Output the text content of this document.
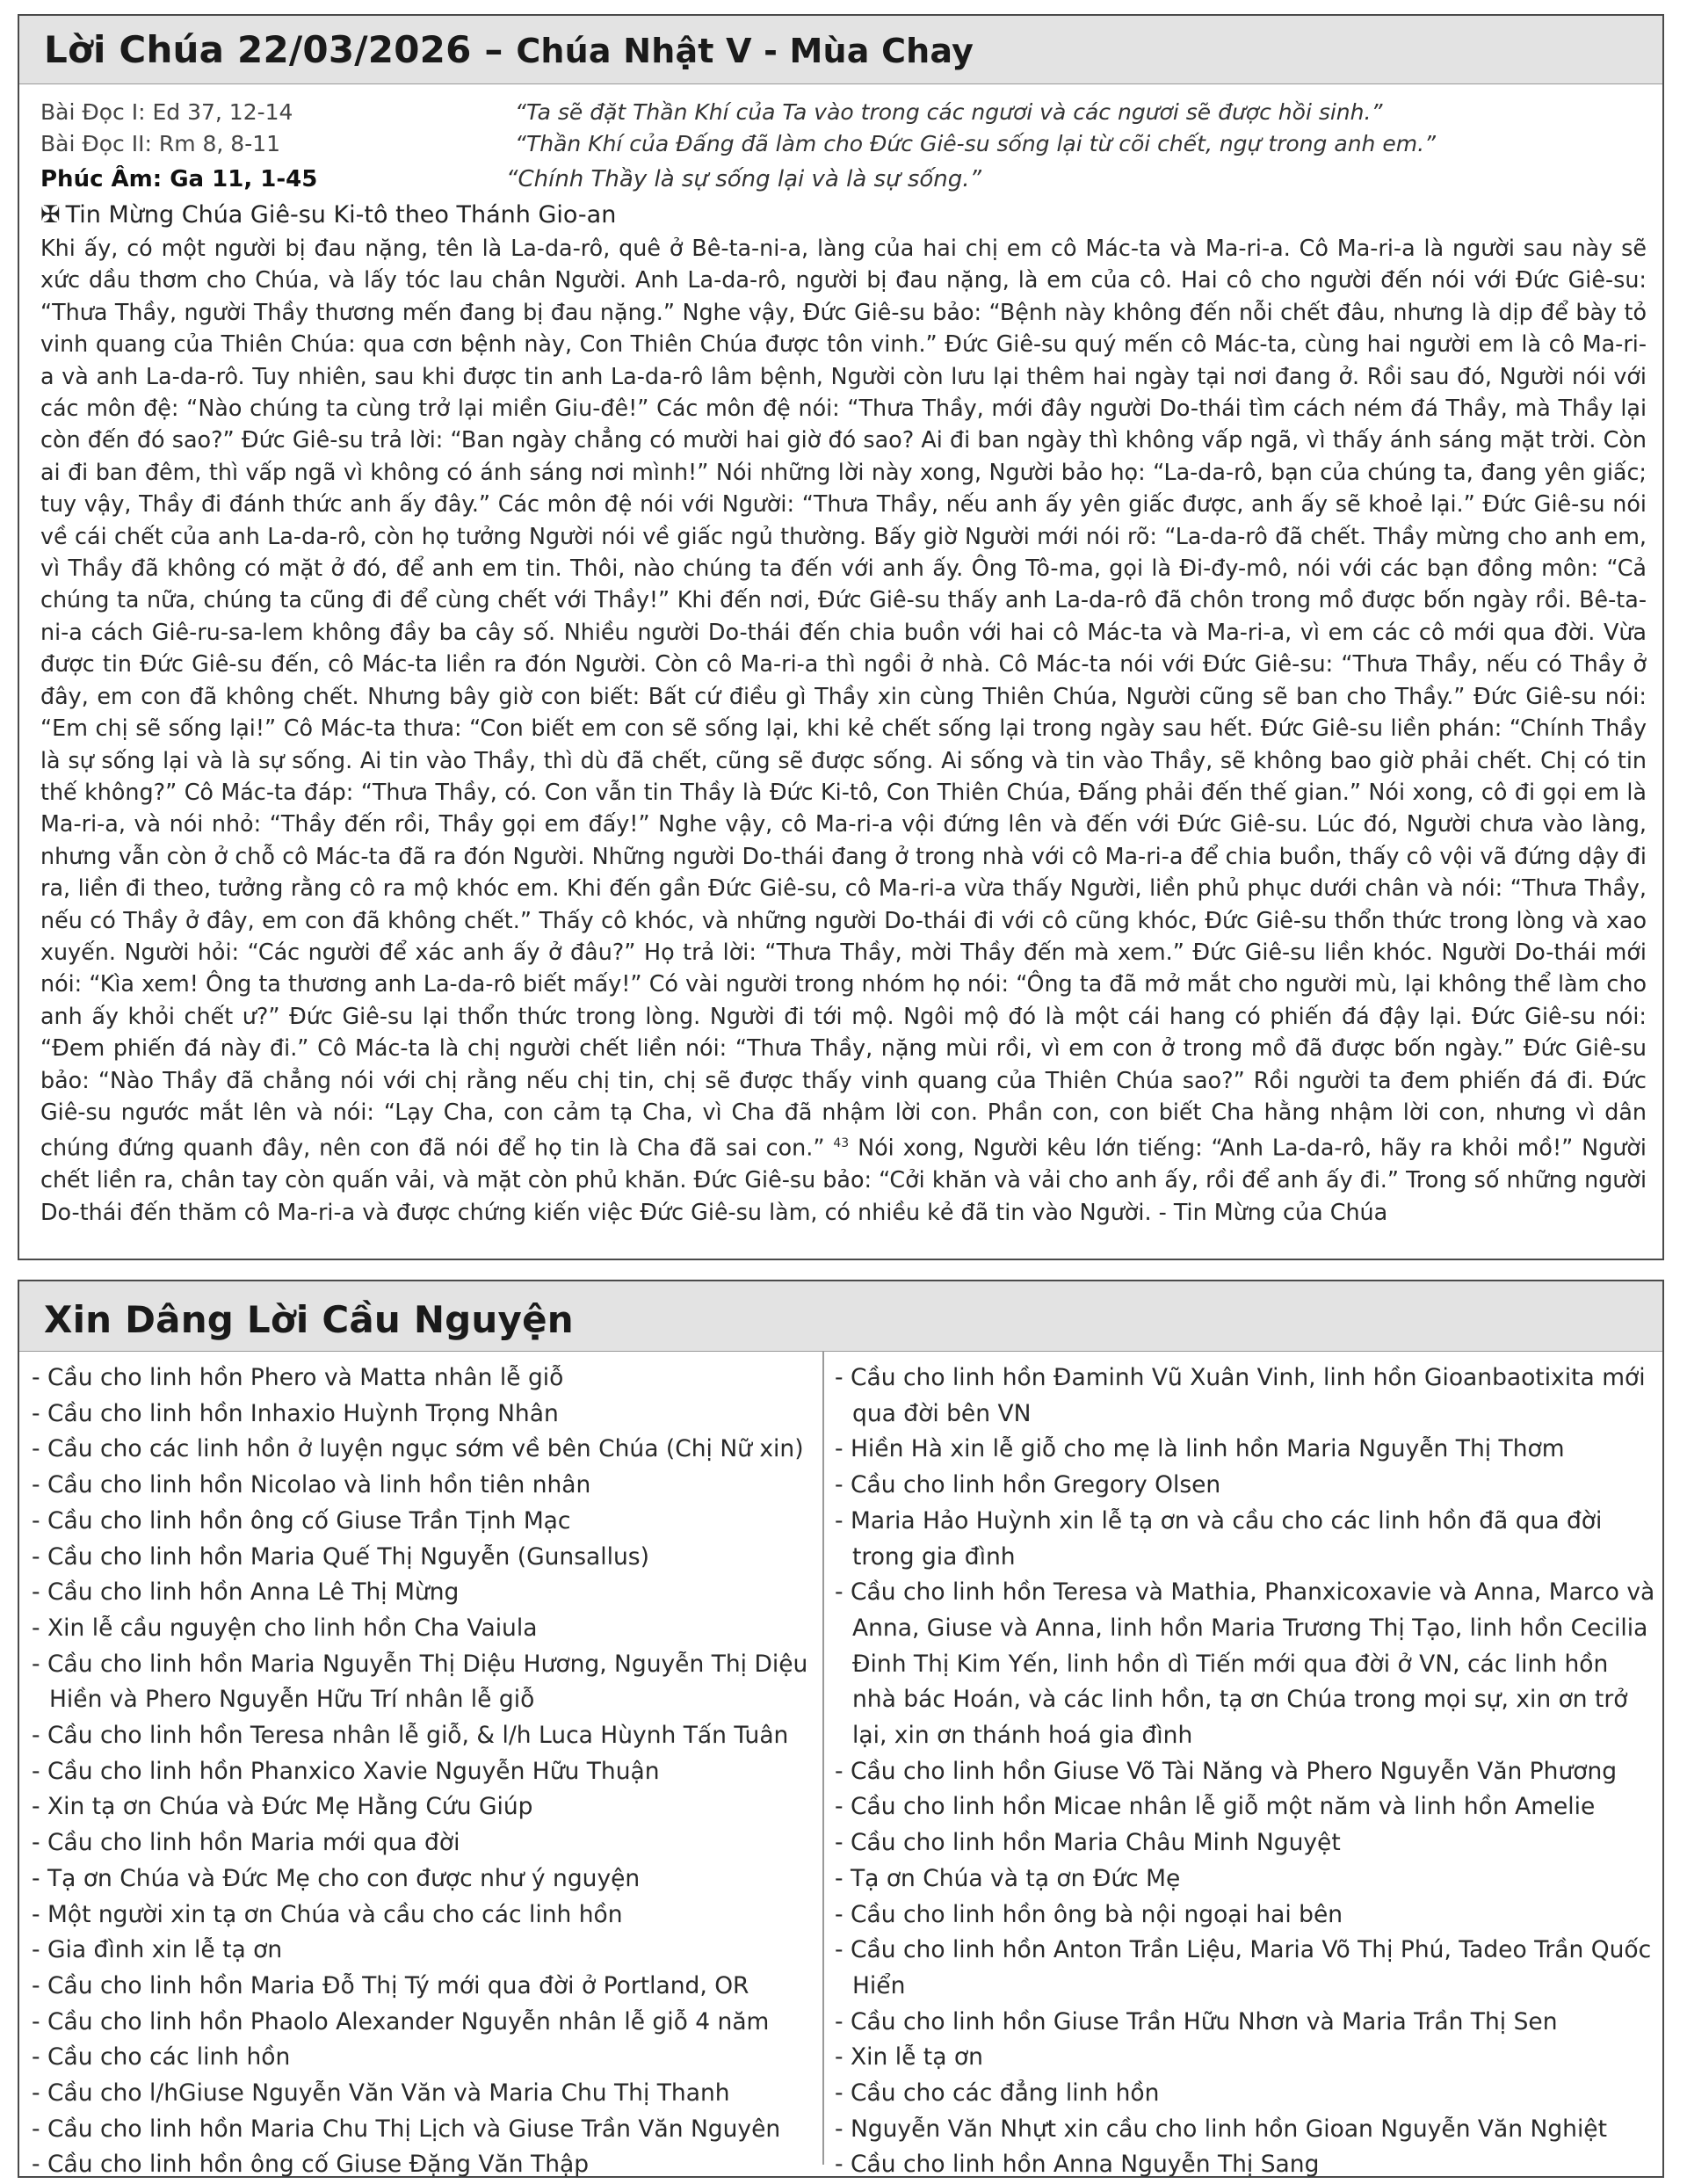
Lời Chúa 22/03/2026 – Chúa Nhật V - Mùa Chay
Bài Đọc I: Ed 37, 12-14	“Ta sẽ đặt Thần Khí của Ta vào trong các ngươi và các ngươi sẽ được hồi sinh.”
Bài Đọc II: Rm 8, 8-11	“Thần Khí của Đấng đã làm cho Đức Giê-su sống lại từ cõi chết, ngự trong anh em.”
Phúc Âm: Ga 11, 1-45	“Chính Thầy là sự sống lại và là sự sống.”
✠ Tin Mừng Chúa Giê-su Ki-tô theo Thánh Gio-an
Khi ấy, có một người bị đau nặng, tên là La-da-rô, quê ở Bê-ta-ni-a, làng của hai chị em cô Mác-ta và Ma-ri-a. Cô Ma-ri-a là người sau này sẽ xức dầu thơm cho Chúa, và lấy tóc lau chân Người. Anh La-da-rô, người bị đau nặng, là em của cô. Hai cô cho người đến nói với Đức Giê-su: “Thưa Thầy, người Thầy thương mến đang bị đau nặng.” Nghe vậy, Đức Giê-su bảo: “Bệnh này không đến nỗi chết đâu, nhưng là dịp để bày tỏ vinh quang của Thiên Chúa: qua cơn bệnh này, Con Thiên Chúa được tôn vinh.” Đức Giê-su quý mến cô Mác-ta, cùng hai người em là cô Ma-ri-a và anh La-da-rô. Tuy nhiên, sau khi được tin anh La-da-rô lâm bệnh, Người còn lưu lại thêm hai ngày tại nơi đang ở. Rồi sau đó, Người nói với các môn đệ: “Nào chúng ta cùng trở lại miền Giu-đê!” Các môn đệ nói: “Thưa Thầy, mới đây người Do-thái tìm cách ném đá Thầy, mà Thầy lại còn đến đó sao?” Đức Giê-su trả lời: “Ban ngày chẳng có mười hai giờ đó sao? Ai đi ban ngày thì không vấp ngã, vì thấy ánh sáng mặt trời. Còn ai đi ban đêm, thì vấp ngã vì không có ánh sáng nơi mình!” Nói những lời này xong, Người bảo họ: “La-da-rô, bạn của chúng ta, đang yên giấc; tuy vậy, Thầy đi đánh thức anh ấy đây.” Các môn đệ nói với Người: “Thưa Thầy, nếu anh ấy yên giấc được, anh ấy sẽ khoẻ lại.” Đức Giê-su nói về cái chết của anh La-da-rô, còn họ tưởng Người nói về giấc ngủ thường. Bấy giờ Người mới nói rõ: “La-da-rô đã chết. Thầy mừng cho anh em, vì Thầy đã không có mặt ở đó, để anh em tin. Thôi, nào chúng ta đến với anh ấy. Ông Tô-ma, gọi là Đi-đy-mô, nói với các bạn đồng môn: “Cả chúng ta nữa, chúng ta cũng đi để cùng chết với Thầy!” Khi đến nơi, Đức Giê-su thấy anh La-da-rô đã chôn trong mồ được bốn ngày rồi. Bê-ta-ni-a cách Giê-ru-sa-lem không đầy ba cây số. Nhiều người Do-thái đến chia buồn với hai cô Mác-ta và Ma-ri-a, vì em các cô mới qua đời. Vừa được tin Đức Giê-su đến, cô Mác-ta liền ra đón Người. Còn cô Ma-ri-a thì ngồi ở nhà. Cô Mác-ta nói với Đức Giê-su: “Thưa Thầy, nếu có Thầy ở đây, em con đã không chết. Nhưng bây giờ con biết: Bất cứ điều gì Thầy xin cùng Thiên Chúa, Người cũng sẽ ban cho Thầy.” Đức Giê-su nói: “Em chị sẽ sống lại!” Cô Mác-ta thưa: “Con biết em con sẽ sống lại, khi kẻ chết sống lại trong ngày sau hết. Đức Giê-su liền phán: “Chính Thầy là sự sống lại và là sự sống. Ai tin vào Thầy, thì dù đã chết, cũng sẽ được sống. Ai sống và tin vào Thầy, sẽ không bao giờ phải chết. Chị có tin thế không?” Cô Mác-ta đáp: “Thưa Thầy, có. Con vẫn tin Thầy là Đức Ki-tô, Con Thiên Chúa, Đấng phải đến thế gian.” Nói xong, cô đi gọi em là Ma-ri-a, và nói nhỏ: “Thầy đến rồi, Thầy gọi em đấy!” Nghe vậy, cô Ma-ri-a vội đứng lên và đến với Đức Giê-su. Lúc đó, Người chưa vào làng, nhưng vẫn còn ở chỗ cô Mác-ta đã ra đón Người. Những người Do-thái đang ở trong nhà với cô Ma-ri-a để chia buồn, thấy cô vội vã đứng dậy đi ra, liền đi theo, tưởng rằng cô ra mộ khóc em. Khi đến gần Đức Giê-su, cô Ma-ri-a vừa thấy Người, liền phủ phục dưới chân và nói: “Thưa Thầy, nếu có Thầy ở đây, em con đã không chết.” Thấy cô khóc, và những người Do-thái đi với cô cũng khóc, Đức Giê-su thổn thức trong lòng và xao xuyến. Người hỏi: “Các người để xác anh ấy ở đâu?” Họ trả lời: “Thưa Thầy, mời Thầy đến mà xem.” Đức Giê-su liền khóc. Người Do-thái mới nói: “Kìa xem! Ông ta thương anh La-da-rô biết mấy!” Có vài người trong nhóm họ nói: “Ông ta đã mở mắt cho người mù, lại không thể làm cho anh ấy khỏi chết ư?” Đức Giê-su lại thổn thức trong lòng. Người đi tới mộ. Ngôi mộ đó là một cái hang có phiến đá đậy lại. Đức Giê-su nói: “Đem phiến đá này đi.” Cô Mác-ta là chị người chết liền nói: “Thưa Thầy, nặng mùi rồi, vì em con ở trong mồ đã được bốn ngày.” Đức Giê-su bảo: “Nào Thầy đã chẳng nói với chị rằng nếu chị tin, chị sẽ được thấy vinh quang của Thiên Chúa sao?” Rồi người ta đem phiến đá đi. Đức Giê-su ngước mắt lên và nói: “Lạy Cha, con cảm tạ Cha, vì Cha đã nhậm lời con. Phần con, con biết Cha hằng nhậm lời con, nhưng vì dân chúng đứng quanh đây, nên con đã nói để họ tin là Cha đã sai con.” $^{43}$ Nói xong, Người kêu lớn tiếng: “Anh La-da-rô, hãy ra khỏi mồ!” Người chết liền ra, chân tay còn quấn vải, và mặt còn phủ khăn. Đức Giê-su bảo: “Cởi khăn và vải cho anh ấy, rồi để anh ấy đi.” Trong số những người Do-thái đến thăm cô Ma-ri-a và được chứng kiến việc Đức Giê-su làm, có nhiều kẻ đã tin vào Người. - Tin Mừng của Chúa
Xin Dâng Lời Cầu Nguyện
- Cầu cho linh hồn Phero và Matta nhân lễ giỗ
- Cầu cho linh hồn Inhaxio Huỳnh Trọng Nhân
- Cầu cho các linh hồn ở luyện ngục sớm về bên Chúa (Chị Nữ xin)
- Cầu cho linh hồn Nicolao và linh hồn tiên nhân
- Cầu cho linh hồn ông cố Giuse Trần Tịnh Mạc
- Cầu cho linh hồn Maria Quế Thị Nguyễn (Gunsallus)
- Cầu cho linh hồn Anna Lê Thị Mừng
- Xin lễ cầu nguyện cho linh hồn Cha Vaiula
- Cầu cho linh hồn Maria Nguyễn Thị Diệu Hương, Nguyễn Thị Diệu Hiền và Phero Nguyễn Hữu Trí nhân lễ giỗ
- Cầu cho linh hồn Teresa nhân lễ giỗ, & l/h Luca Hùynh Tấn Tuân
- Cầu cho linh hồn Phanxico Xavie Nguyễn Hữu Thuận
- Xin tạ ơn Chúa và Đức Mẹ Hằng Cứu Giúp
- Cầu cho linh hồn Maria mới qua đời
- Tạ ơn Chúa và Đức Mẹ cho con được như ý nguyện
- Một người xin tạ ơn Chúa và cầu cho các linh hồn
- Gia đình xin lễ tạ ơn
- Cầu cho linh hồn Maria Đỗ Thị Tý mới qua đời ở Portland, OR
- Cầu cho linh hồn Phaolo Alexander Nguyễn nhân lễ giỗ 4 năm
- Cầu cho các linh hồn
- Cầu cho l/hGiuse Nguyễn Văn Văn và Maria Chu Thị Thanh
- Cầu cho linh hồn Maria Chu Thị Lịch và Giuse Trần Văn Nguyên
- Cầu cho linh hồn ông cố Giuse Đặng Văn Thập
- Cầu cho linh hồn Đaminh Vũ Xuân Vinh, linh hồn Gioanbaotixita mới qua đời bên VN
- Hiền Hà xin lễ giỗ cho mẹ là linh hồn Maria Nguyễn Thị Thơm
- Cầu cho linh hồn Gregory Olsen
- Maria Hảo Huỳnh xin lễ tạ ơn và cầu cho các linh hồn đã qua đời trong gia đình
- Cầu cho linh hồn Teresa và Mathia, Phanxicoxavie và Anna, Marco và Anna, Giuse và Anna, linh hồn Maria Trương Thị Tạo, linh hồn Cecilia Đinh Thị Kim Yến, linh hồn dì Tiến mới qua đời ở VN, các linh hồn nhà bác Hoán, và các linh hồn, tạ ơn Chúa trong mọi sự, xin ơn trở lại, xin ơn thánh hoá gia đình
- Cầu cho linh hồn Giuse Võ Tài Năng và Phero Nguyễn Văn Phương
- Cầu cho linh hồn Micae nhân lễ giỗ một năm và linh hồn Amelie
- Cầu cho linh hồn Maria Châu Minh Nguyệt
- Tạ ơn Chúa và tạ ơn Đức Mẹ
- Cầu cho linh hồn ông bà nội ngoại hai bên
- Cầu cho linh hồn Anton Trần Liệu, Maria Võ Thị Phú, Tadeo Trần Quốc Hiển
- Cầu cho linh hồn Giuse Trần Hữu Nhơn và Maria Trần Thị Sen
- Xin lễ tạ ơn
- Cầu cho các đẳng linh hồn
- Nguyễn Văn Nhựt xin cầu cho linh hồn Gioan Nguyễn Văn Nghiệt
- Cầu cho linh hồn Anna Nguyễn Thị Sang
